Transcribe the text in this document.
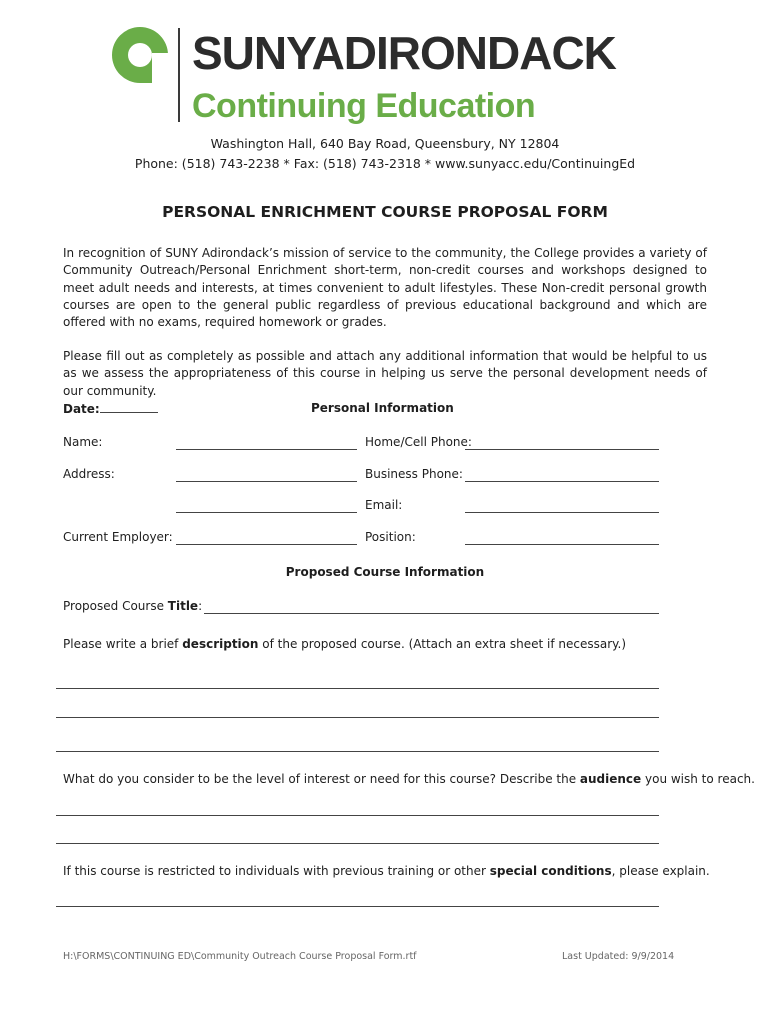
SUNYADIRONDACK
Continuing Education
Washington Hall, 640 Bay Road, Queensbury, NY 12804
Phone: (518) 743-2238 * Fax: (518) 743-2318 * www.sunyacc.edu/ContinuingEd
PERSONAL ENRICHMENT COURSE PROPOSAL FORM
In recognition of SUNY Adirondack’s mission of service to the community, the College provides a variety of Community Outreach/Personal Enrichment short-term, non-credit courses and workshops designed to meet adult needs and interests, at times convenient to adult lifestyles. These Non-credit personal growth courses are open to the general public regardless of previous educational background and which are offered with no exams, required homework or grades.
Please fill out as completely as possible and attach any additional information that would be helpful to us as we assess the appropriateness of this course in helping us serve the personal development needs of our community.
Date:	Personal Information
Name:
Address:
Current Employer:
Home/Cell Phone:
Business Phone:
Email:
Position:
Proposed Course Information
Proposed Course Title:
Please write a brief description of the proposed course. (Attach an extra sheet if necessary.)
What do you consider to be the level of interest or need for this course? Describe the audience you wish to reach.
If this course is restricted to individuals with previous training or other special conditions, please explain.
H:\FORMS\CONTINUING ED\Community Outreach Course Proposal Form.rtf	Last Updated: 9/9/2014
